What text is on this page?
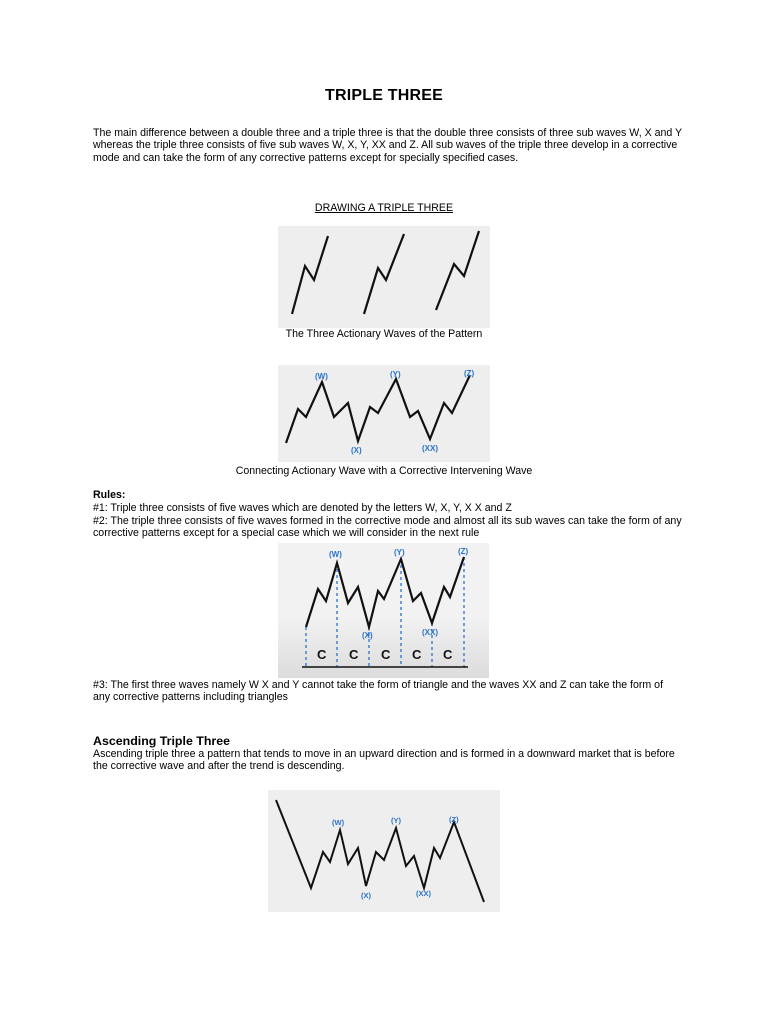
TRIPLE THREE
The main difference between a double three and a triple three is that the double three consists of three sub waves W, X and Y whereas the triple three consists of five sub waves W, X, Y, XX and Z. All sub waves of the triple three develop in a corrective mode and can take the form of any corrective patterns except for specially specified cases.
DRAWING A TRIPLE THREE
The Three Actionary Waves of the Pattern
(W)
(X)
(Y)
(XX)
(Z)
Connecting Actionary Wave with a Corrective Intervening Wave
Rules:
#1: Triple three consists of five waves which are denoted by the letters W, X, Y, X X and Z
#2: The triple three consists of five waves formed in the corrective mode and almost all its sub waves can take the form of any corrective patterns except for a special case which we will consider in the next rule
(W)
(X)
(Y)
(XX)
(Z)
C C C C C
#3: The first three waves namely W X and Y cannot take the form of triangle and the waves XX and Z can take the form of any corrective patterns including triangles
Ascending Triple Three
Ascending triple three a pattern that tends to move in an upward direction and is formed in a downward market that is before the corrective wave and after the trend is descending.
(W)
(X)
(Y)
(XX)
(Z)
